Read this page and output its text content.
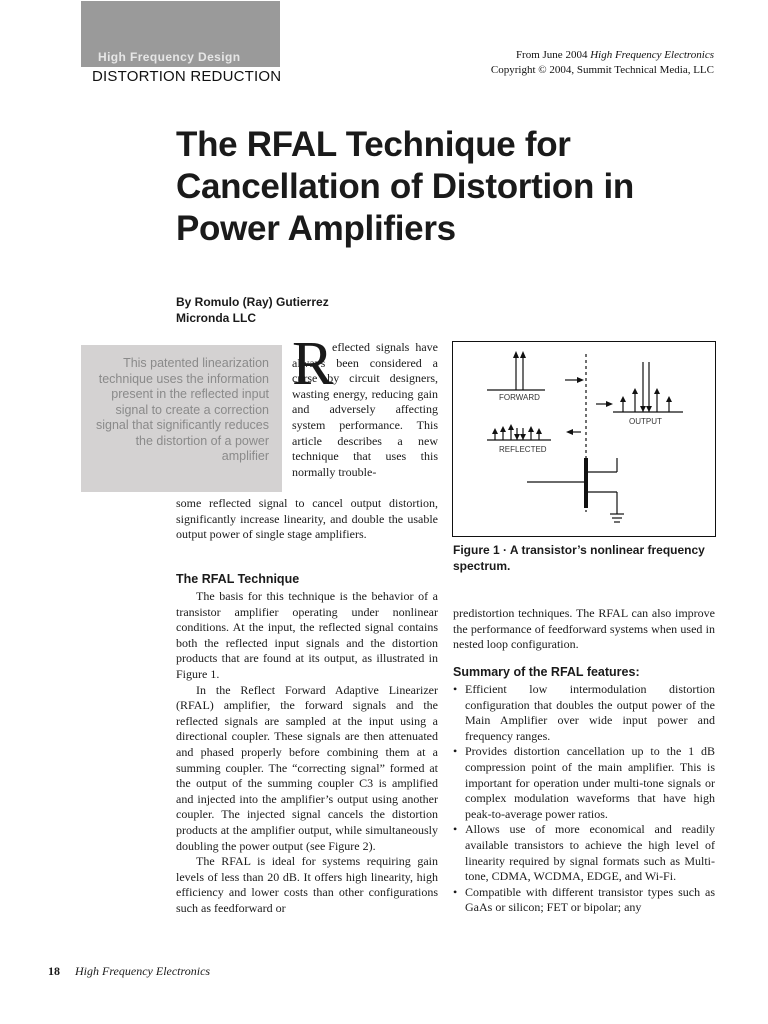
High Frequency Design
DISTORTION REDUCTION
From June 2004 High Frequency Electronics
Copyright © 2004, Summit Technical Media, LLC
The RFAL Technique for Cancellation of Distortion in Power Amplifiers
By Romulo (Ray) Gutierrez
Micronda LLC
This patented linearization technique uses the information present in the reflected input signal to create a correction signal that significantly reduces the distortion of a power amplifier
R

eflected signals have always been considered a curse by circuit designers, wasting energy, reducing gain and adversely affecting system performance. This article describes a new technique that uses this normally trouble-

some reflected signal to cancel output distortion, significantly increase linearity, and double the usable output power of single stage amplifiers.

The RFAL Technique

The basis for this technique is the behavior of a transistor amplifier operating under nonlinear conditions. At the input, the reflected signal contains both the reflected input signals and the distortion products that are found at its output, as illustrated in Figure 1.

In the Reflect Forward Adaptive Linearizer (RFAL) amplifier, the forward signals and the reflected signals are sampled at the input using a directional coupler. These signals are then attenuated and phased properly before combining them at a summing coupler. The “correcting signal” formed at the output of the summing coupler C3 is amplified and injected into the amplifier’s output using another coupler. The injected signal cancels the distortion products at the amplifier output, while simultaneously doubling the power output (see Figure 2).

The RFAL is ideal for systems requiring gain levels of less than 20 dB. It offers high linearity, high efficiency and lower costs than other configurations such as feedforward or

FORWARD
OUTPUT
REFLECTED
Figure 1 · A transistor’s nonlinear frequency spectrum.

predistortion techniques. The RFAL can also improve the performance of feedforward systems when used in nested loop configuration.

Summary of the RFAL features:
• Efficient low intermodulation distortion configuration that doubles the output power of the Main Amplifier over wide input power and frequency ranges.
• Provides distortion cancellation up to the 1 dB compression point of the main amplifier. This is important for operation under multi-tone signals or complex modulation waveforms that have high peak-to-average power ratios.
• Allows use of more economical and readily available transistors to achieve the high level of linearity required by signal formats such as Multi-tone, CDMA, WCDMA, EDGE, and Wi-Fi.
• Compatible with different transistor types such as GaAs or silicon; FET or bipolar; any
18 High Frequency Electronics
